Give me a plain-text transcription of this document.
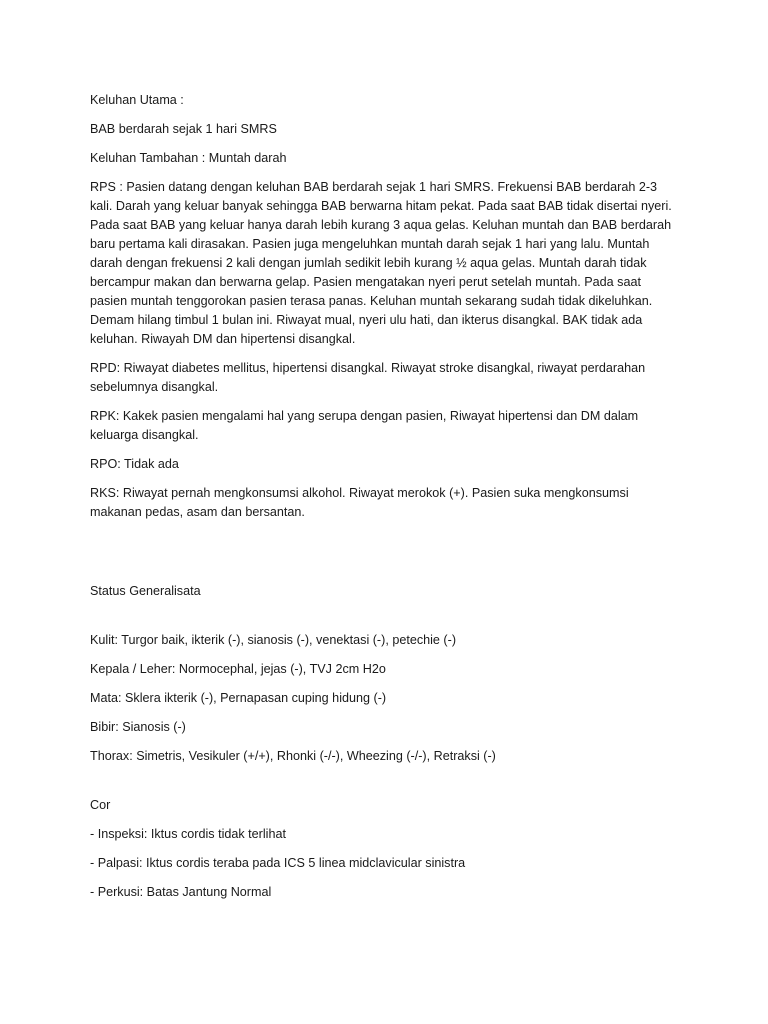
Keluhan Utama :

BAB berdarah sejak 1 hari SMRS

Keluhan Tambahan : Muntah darah

RPS : Pasien datang dengan keluhan BAB berdarah sejak 1 hari SMRS. Frekuensi BAB berdarah 2-3 kali. Darah yang keluar banyak sehingga BAB berwarna hitam pekat. Pada saat BAB tidak disertai nyeri. Pada saat BAB yang keluar hanya darah lebih kurang 3 aqua gelas. Keluhan muntah dan BAB berdarah baru pertama kali dirasakan. Pasien juga mengeluhkan muntah darah sejak 1 hari yang lalu. Muntah darah dengan frekuensi 2 kali dengan jumlah sedikit lebih kurang ½ aqua gelas. Muntah darah tidak bercampur makan dan berwarna gelap. Pasien mengatakan nyeri perut setelah muntah. Pada saat pasien muntah tenggorokan pasien terasa panas. Keluhan muntah sekarang sudah tidak dikeluhkan. Demam hilang timbul 1 bulan ini. Riwayat mual, nyeri ulu hati, dan ikterus disangkal. BAK tidak ada keluhan. Riwayah DM dan hipertensi disangkal.

RPD: Riwayat diabetes mellitus, hipertensi disangkal. Riwayat stroke disangkal, riwayat perdarahan sebelumnya disangkal.

RPK: Kakek pasien mengalami hal yang serupa dengan pasien, Riwayat hipertensi dan DM dalam keluarga disangkal.

RPO: Tidak ada

RKS: Riwayat pernah mengkonsumsi alkohol. Riwayat merokok (+). Pasien suka mengkonsumsi makanan pedas, asam dan bersantan.

Status Generalisata

Kulit: Turgor baik, ikterik (-), sianosis (-), venektasi (-), petechie (-)

Kepala / Leher: Normocephal, jejas (-), TVJ 2cm H2o

Mata: Sklera ikterik (-), Pernapasan cuping hidung (-)

Bibir: Sianosis (-)

Thorax: Simetris, Vesikuler (+/+), Rhonki (-/-), Wheezing (-/-), Retraksi (-)

Cor

- Inspeksi: Iktus cordis tidak terlihat

- Palpasi: Iktus cordis teraba pada ICS 5 linea midclavicular sinistra

- Perkusi: Batas Jantung Normal
